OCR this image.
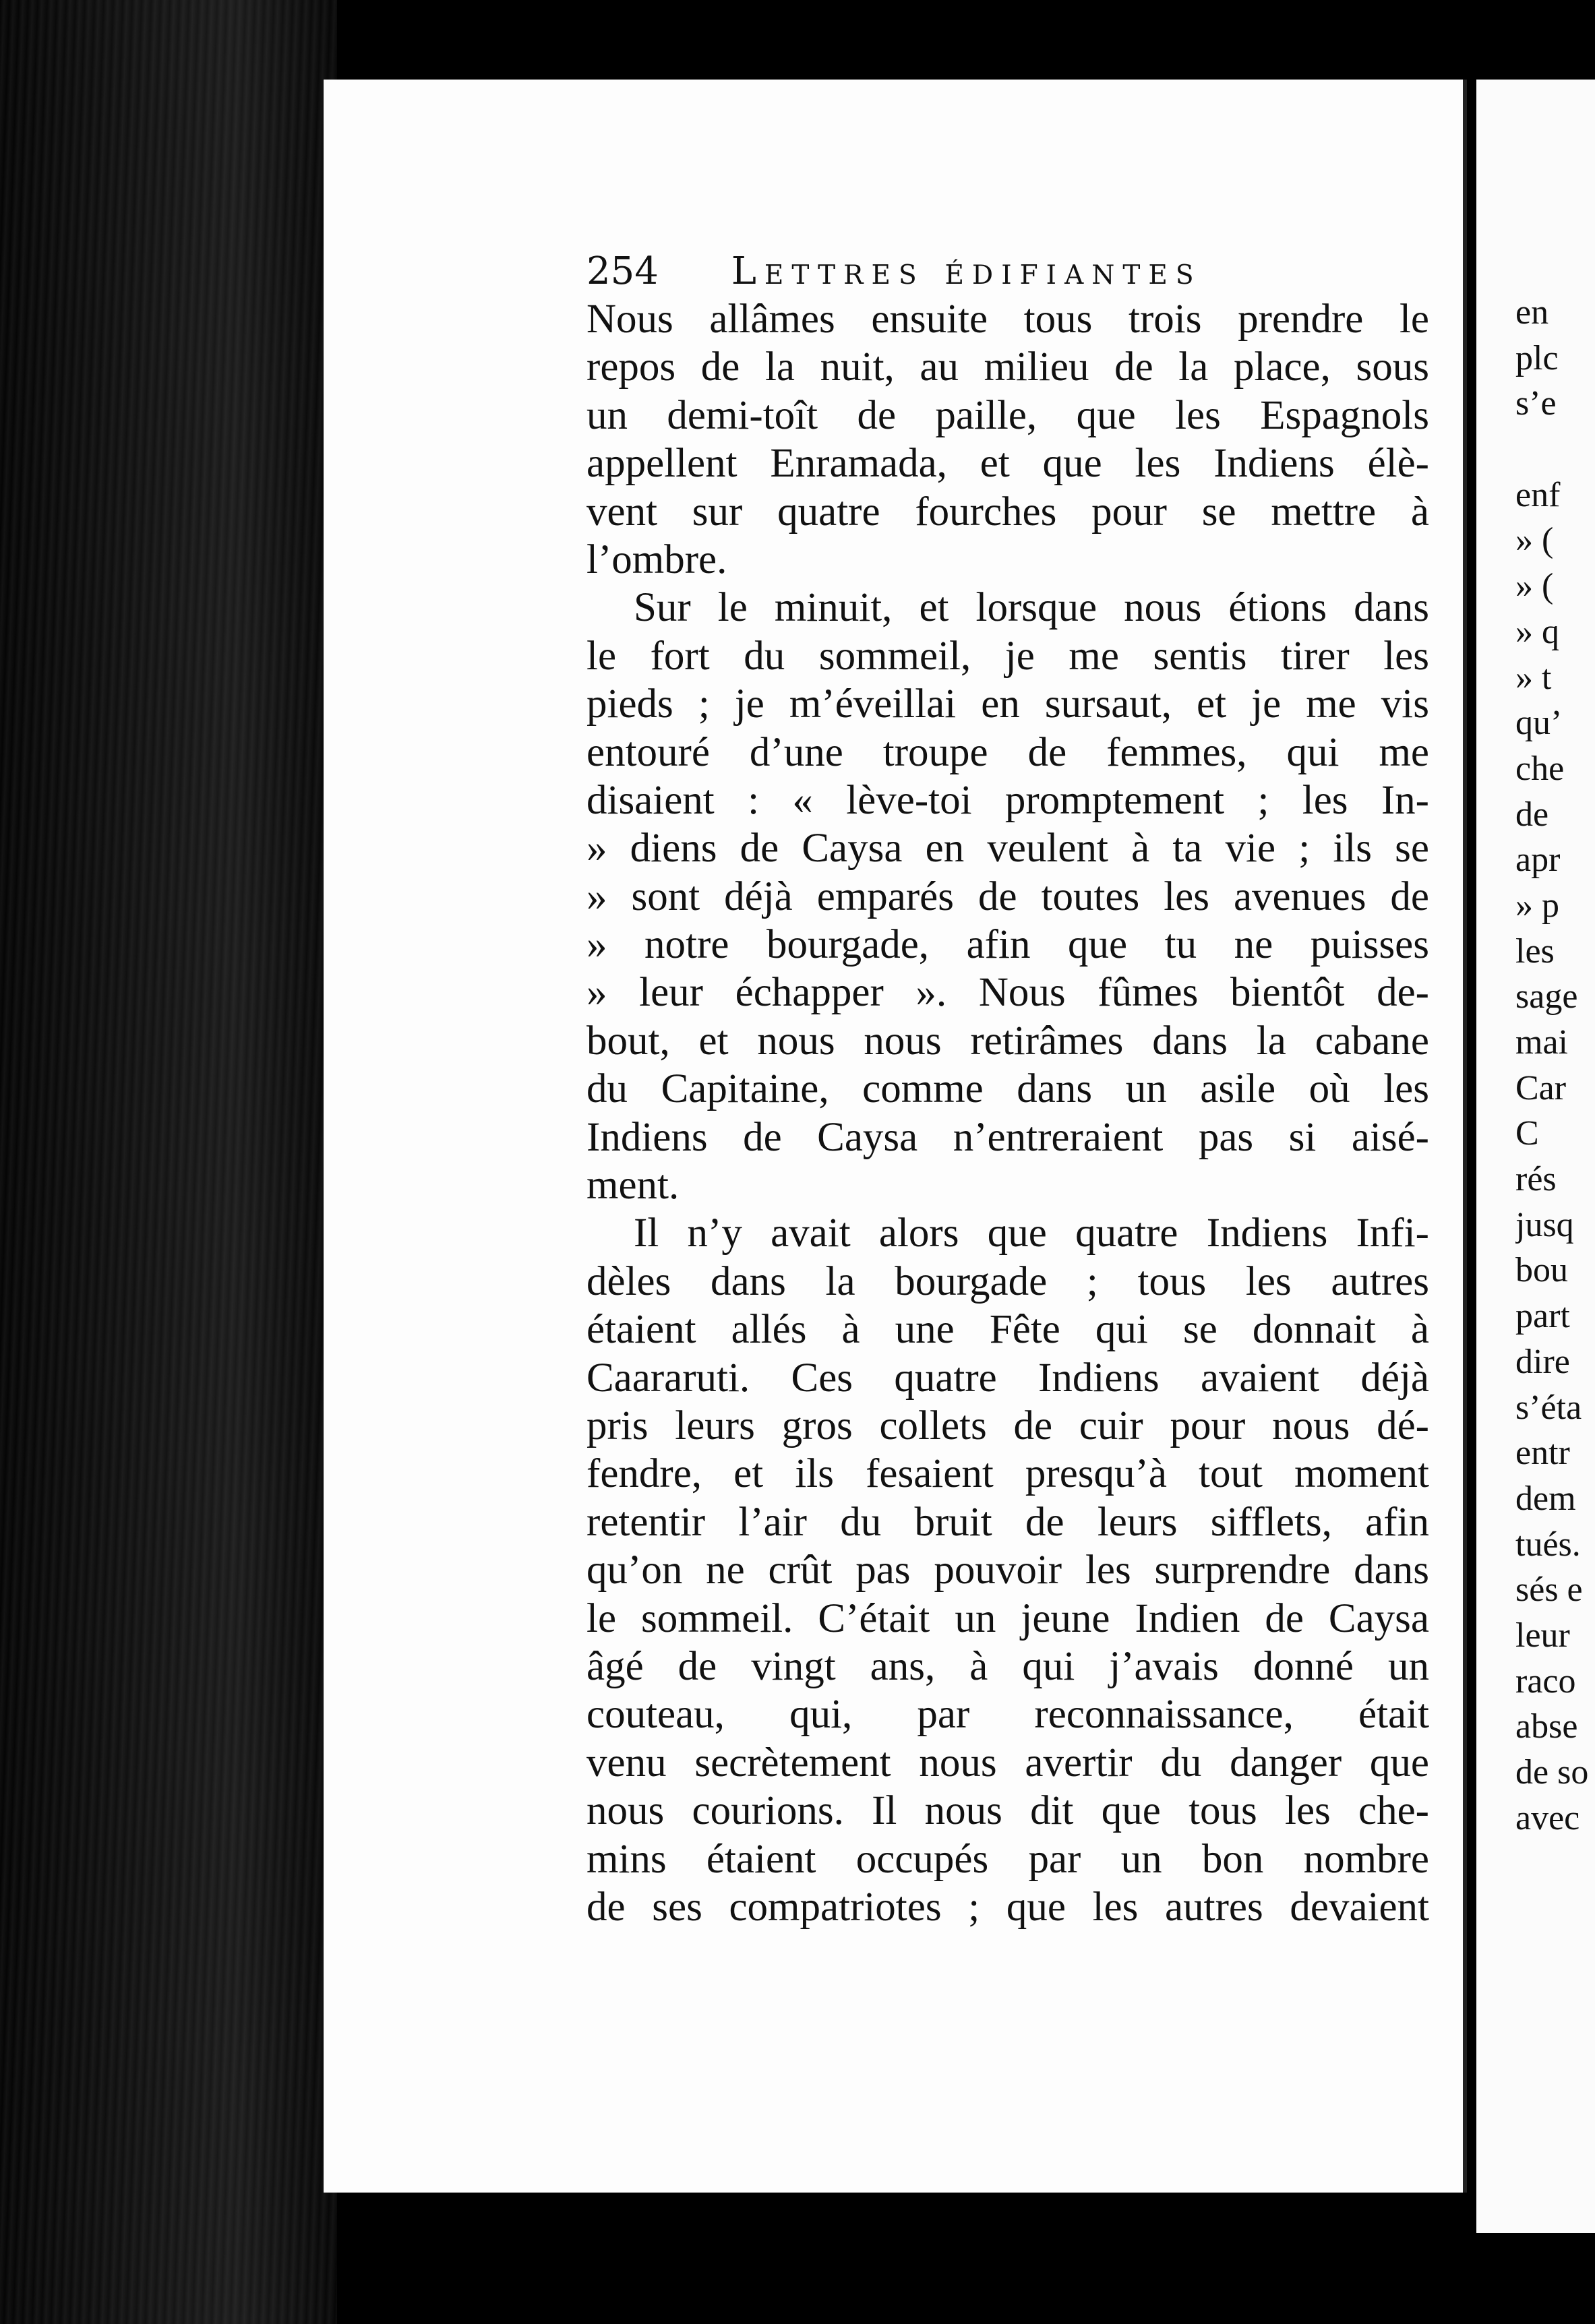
254 Lettres édifiantes
Nous allâmes ensuite tous trois prendre le
repos de la nuit, au milieu de la place, sous
un demi-toît de paille, que les Espagnols
appellent Enramada, et que les Indiens élè-
vent sur quatre fourches pour se mettre à
l’ombre.
Sur le minuit, et lorsque nous étions dans
le fort du sommeil, je me sentis tirer les
pieds ; je m’éveillai en sursaut, et je me vis
entouré d’une troupe de femmes, qui me
disaient : « lève-toi promptement ; les In-
» diens de Caysa en veulent à ta vie ; ils se
» sont déjà emparés de toutes les avenues de
» notre bourgade, afin que tu ne puisses
» leur échapper ». Nous fûmes bientôt de-
bout, et nous nous retirâmes dans la cabane
du Capitaine, comme dans un asile où les
Indiens de Caysa n’entreraient pas si aisé-
ment.
Il n’y avait alors que quatre Indiens Infi-
dèles dans la bourgade ; tous les autres
étaient allés à une Fête qui se donnait à
Caararuti. Ces quatre Indiens avaient déjà
pris leurs gros collets de cuir pour nous dé-
fendre, et ils fesaient presqu’à tout moment
retentir l’air du bruit de leurs sifflets, afin
qu’on ne crût pas pouvoir les surprendre dans
le sommeil. C’était un jeune Indien de Caysa
âgé de vingt ans, à qui j’avais donné un
couteau, qui, par reconnaissance, était
venu secrètement nous avertir du danger que
nous courions. Il nous dit que tous les che-
mins étaient occupés par un bon nombre
de ses compatriotes ; que les autres devaient
en
plc
s’e
enf
» (
» (
» q
» t
qu’
che
de
apr
» p
les
sage
mai
Car
C
rés
jusq
bou
part
dire
s’éta
entr
dem
tués.
sés e
leur
raco
abse
de so
avec
